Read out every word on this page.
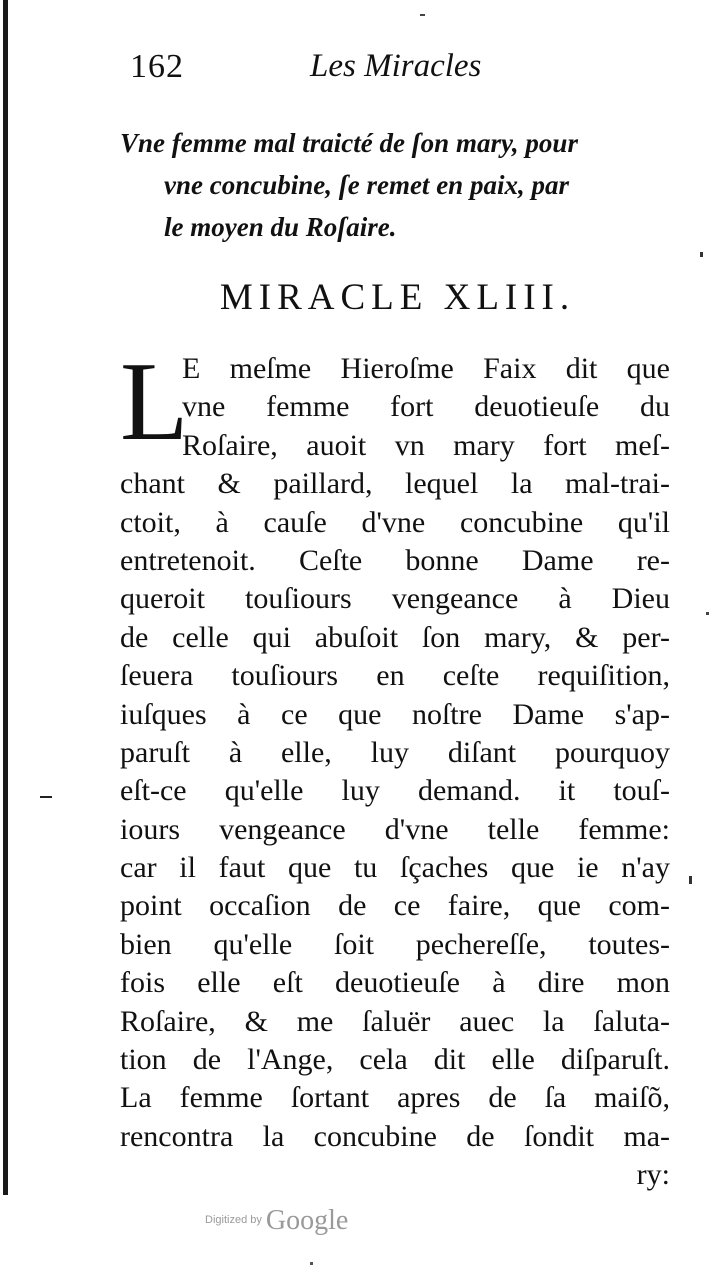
162	Les Miracles
Vne femme mal traicté de ſon mary, pour
vne concubine, ſe remet en paix, par
le moyen du Roſaire.
MIRACLE XLIII.
L
E meſme Hieroſme Faix dit que
vne femme fort deuotieuſe du
Roſaire, auoit vn mary fort meſ-
chant & paillard, lequel la mal-trai-
ctoit, à cauſe d'vne concubine qu'il
entretenoit. Ceſte bonne Dame re-
queroit touſiours vengeance à Dieu
de celle qui abuſoit ſon mary, & per-
ſeuera touſiours en ceſte requiſition,
iuſques à ce que noſtre Dame s'ap-
paruſt à elle, luy diſant pourquoy
eſt-ce qu'elle luy demand. it touſ-
iours vengeance d'vne telle femme:
car il faut que tu ſçaches que ie n'ay
point occaſion de ce faire, que com-
bien qu'elle ſoit pechereſſe, toutes-
fois elle eſt deuotieuſe à dire mon
Roſaire, & me ſaluër auec la ſaluta-
tion de l'Ange, cela dit elle diſparuſt.
La femme ſortant apres de ſa maiſõ,
rencontra la concubine de ſondit ma-
ry:
$^{Digitized by}$ Google
